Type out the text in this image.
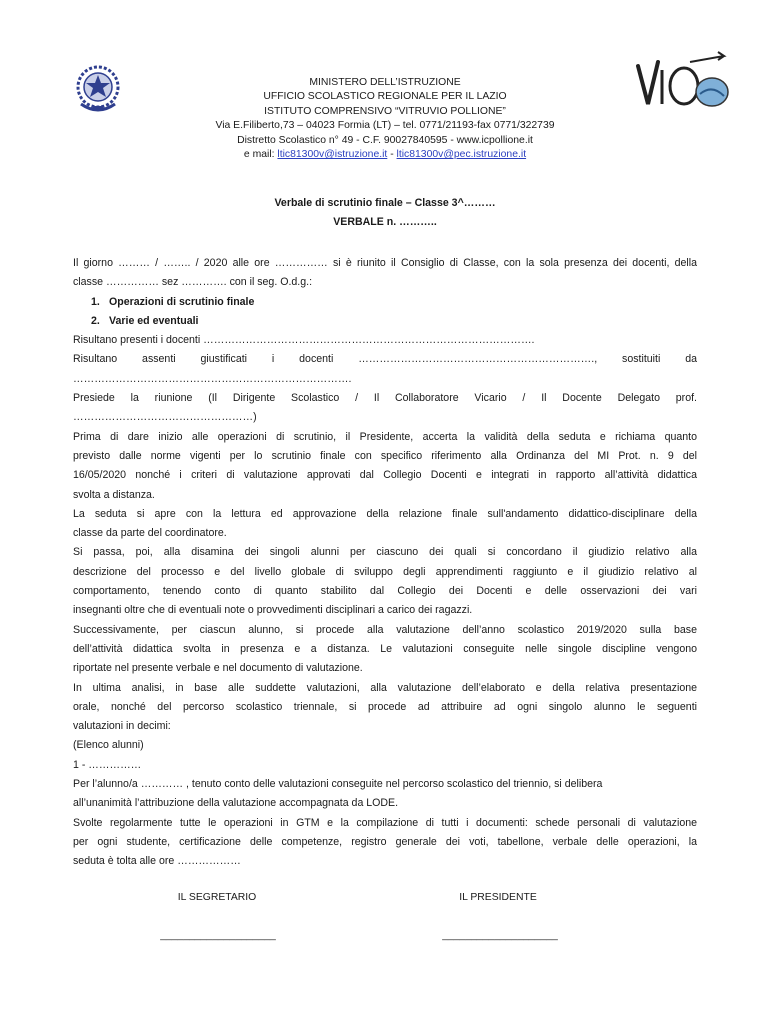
MINISTERO DELL’ISTRUZIONE
UFFICIO SCOLASTICO REGIONALE PER IL LAZIO
ISTITUTO COMPRENSIVO “VITRUVIO POLLIONE”
Via E.Filiberto,73 – 04023 Formia (LT) – tel. 0771/21193-fax 0771/322739
Distretto Scolastico n° 49 - C.F. 90027840595 - www.icpollione.it
e mail: ltic81300v@istruzione.it - ltic81300v@pec.istruzione.it
Verbale di scrutinio finale – Classe 3^………
VERBALE n. ………..

Il giorno ……… / …….. / 2020 alle ore …………… si è riunito il Consiglio di Classe, con la sola presenza dei docenti, della

classe …………… sez …………. con il seg. O.d.g.:

1. Operazioni di scrutinio finale

2. Varie ed eventuali

Risultano presenti i docenti ………………………………………………………………………………….

Risultano assenti giustificati i docenti …………………………………………………………., sostituiti da

…………………………………………………………………….

Presiede la riunione (Il Dirigente Scolastico / Il Collaboratore Vicario / Il Docente Delegato prof.

……………………………………………)

Prima di dare inizio alle operazioni di scrutinio, il Presidente, accerta la validità della seduta e richiama quanto

previsto dalle norme vigenti per lo scrutinio finale con specifico riferimento alla Ordinanza del MI Prot. n. 9 del

16/05/2020 nonché i criteri di valutazione approvati dal Collegio Docenti e integrati in rapporto all’attività didattica

svolta a distanza.

La seduta si apre con la lettura ed approvazione della relazione finale sull'andamento didattico-disciplinare della

classe da parte del coordinatore.

Si passa, poi, alla disamina dei singoli alunni per ciascuno dei quali si concordano il giudizio relativo alla

descrizione del processo e del livello globale di sviluppo degli apprendimenti raggiunto e il giudizio relativo al

comportamento, tenendo conto di quanto stabilito dal Collegio dei Docenti e delle osservazioni dei vari

insegnanti oltre che di eventuali note o provvedimenti disciplinari a carico dei ragazzi.

Successivamente, per ciascun alunno, si procede alla valutazione dell’anno scolastico 2019/2020 sulla base

dell’attività didattica svolta in presenza e a distanza. Le valutazioni conseguite nelle singole discipline vengono

riportate nel presente verbale e nel documento di valutazione.

In ultima analisi, in base alle suddette valutazioni, alla valutazione dell’elaborato e della relativa presentazione

orale, nonché del percorso scolastico triennale, si procede ad attribuire ad ogni singolo alunno le seguenti

valutazioni in decimi:

(Elenco alunni)

1 - ……………

Per l’alunno/a ………… , tenuto conto delle valutazioni conseguite nel percorso scolastico del triennio, si delibera

all’unanimità l’attribuzione della valutazione accompagnata da LODE.

Svolte regolarmente tutte le operazioni in GTM e la compilazione di tutti i documenti: schede personali di valutazione

per ogni studente, certificazione delle competenze, registro generale dei voti, tabellone, verbale delle operazioni, la

seduta è tolta alle ore ………………

IL SEGRETARIO	IL PRESIDENTE
____________________	____________________
